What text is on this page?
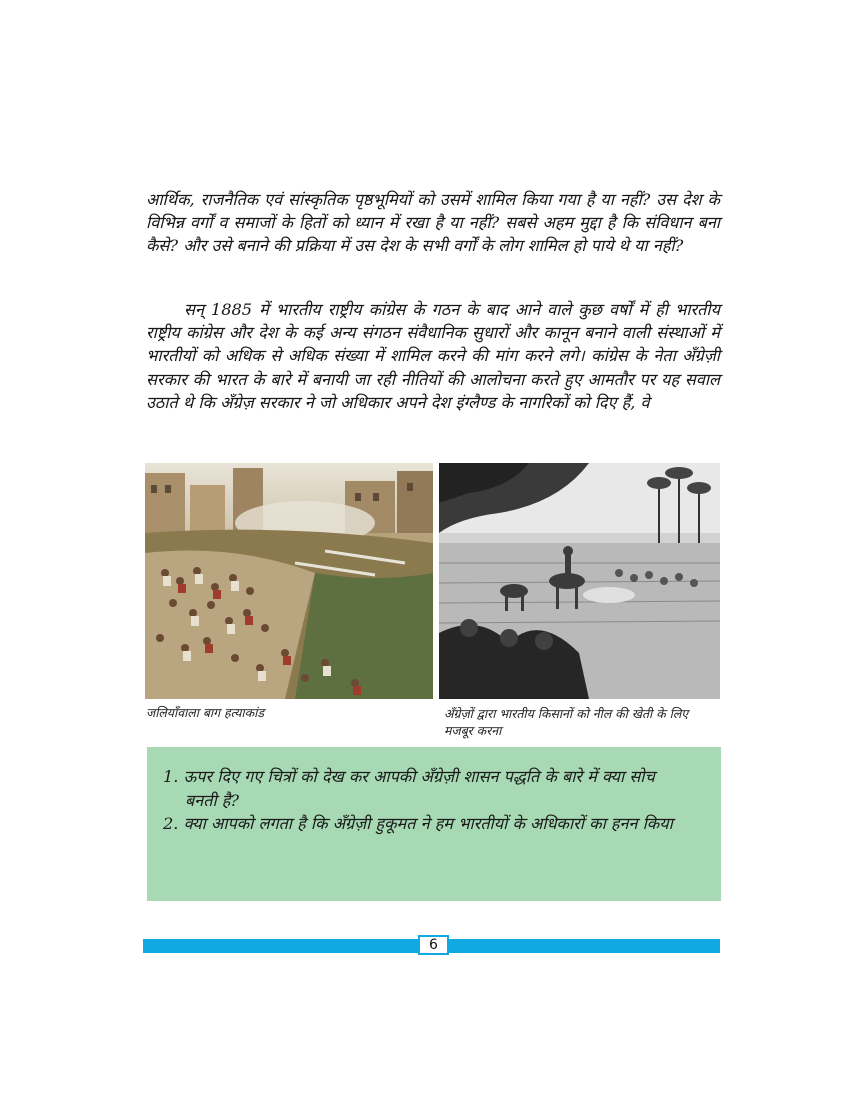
आर्थिक, राजनैतिक एवं सांस्कृतिक पृष्ठभूमियों को उसमें शामिल किया गया है या नहीं? उस देश के विभिन्न वर्गों व समाजों के हितों को ध्यान में रखा है या नहीं? सबसे अहम मुद्दा है कि संविधान बना कैसे? और उसे बनाने की प्रक्रिया में उस देश के सभी वर्गों के लोग शामिल हो पाये थे या नहीं?

सन् 1885 में भारतीय राष्ट्रीय कांग्रेस के गठन के बाद आने वाले कुछ वर्षों में ही भारतीय राष्ट्रीय कांग्रेस और देश के कई अन्य संगठन संवैधानिक सुधारों और कानून बनाने वाली संस्थाओं में भारतीयों को अधिक से अधिक संख्या में शामिल करने की मांग करने लगे। कांग्रेस के नेता अँग्रेज़ी सरकार की भारत के बारे में बनायी जा रही नीतियों की आलोचना करते हुए आमतौर पर यह सवाल उठाते थे कि अँग्रेज़ सरकार ने जो अधिकार अपने देश इंग्लैण्ड के नागरिकों को दिए हैं, वे

जलियाँवाला बाग हत्याकांड	अँग्रेज़ों द्वारा भारतीय किसानों को नील की खेती के लिए मजबूर करना

1. ऊपर दिए गए चित्रों को देख कर आपकी अँग्रेज़ी शासन पद्धति के बारे में क्या सोच

बनती है?

2. क्या आपको लगता है कि अँग्रेज़ी हुकूमत ने हम भारतीयों के अधिकारों का हनन किया

6
